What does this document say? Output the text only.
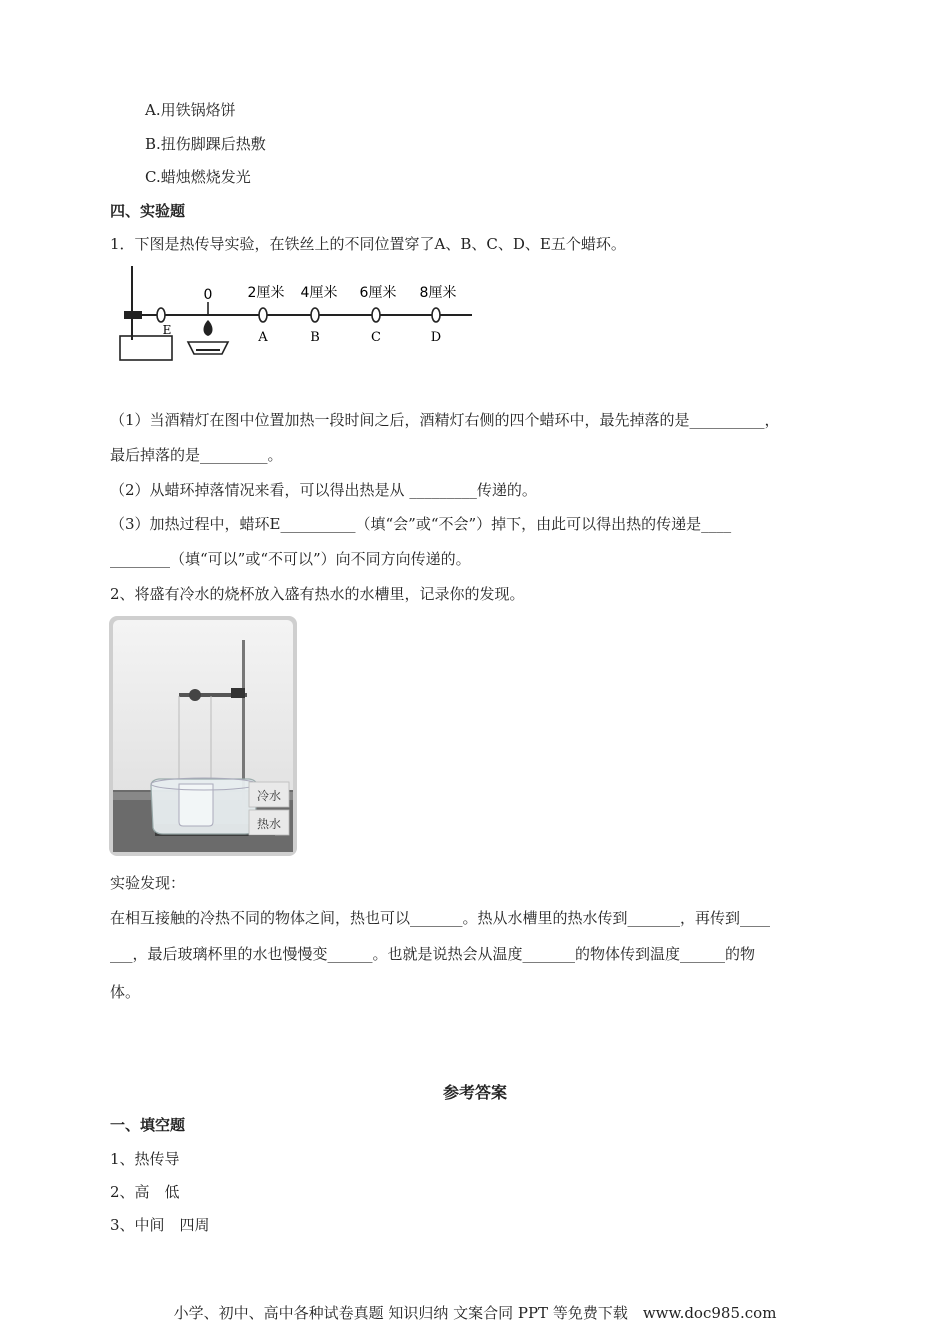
A.用铁锅烙饼
B.扭伤脚踝后热敷
C.蜡烛燃烧发光
四、实验题
1．下图是热传导实验，在铁丝上的不同位置穿了A、B、C、D、E五个蜡环。
0	2厘米 4厘米 6厘米 8厘米
E	A	B	C	D
（1）当酒精灯在图中位置加热一段时间之后，酒精灯右侧的四个蜡环中，最先掉落的是__________，
最后掉落的是_________。
（2）从蜡环掉落情况来看，可以得出热是从 _________传递的。
（3）加热过程中，蜡环E__________（填“会”或“不会”）掉下，由此可以得出热的传递是____
________（填“可以”或“不可以”）向不同方向传递的。
2、将盛有冷水的烧杯放入盛有热水的水槽里，记录你的发现。
冷水
热水
实验发现：
在相互接触的冷热不同的物体之间，热也可以_______。热从水槽里的热水传到_______，再传到____
___，最后玻璃杯里的水也慢慢变______。也就是说热会从温度_______的物体传到温度______的物
体。
参考答案
一、填空题
1、热传导
2、高　低
3、中间　四周
小学、初中、高中各种试卷真题 知识归纳 文案合同 PPT 等免费下载　www.doc985.com
